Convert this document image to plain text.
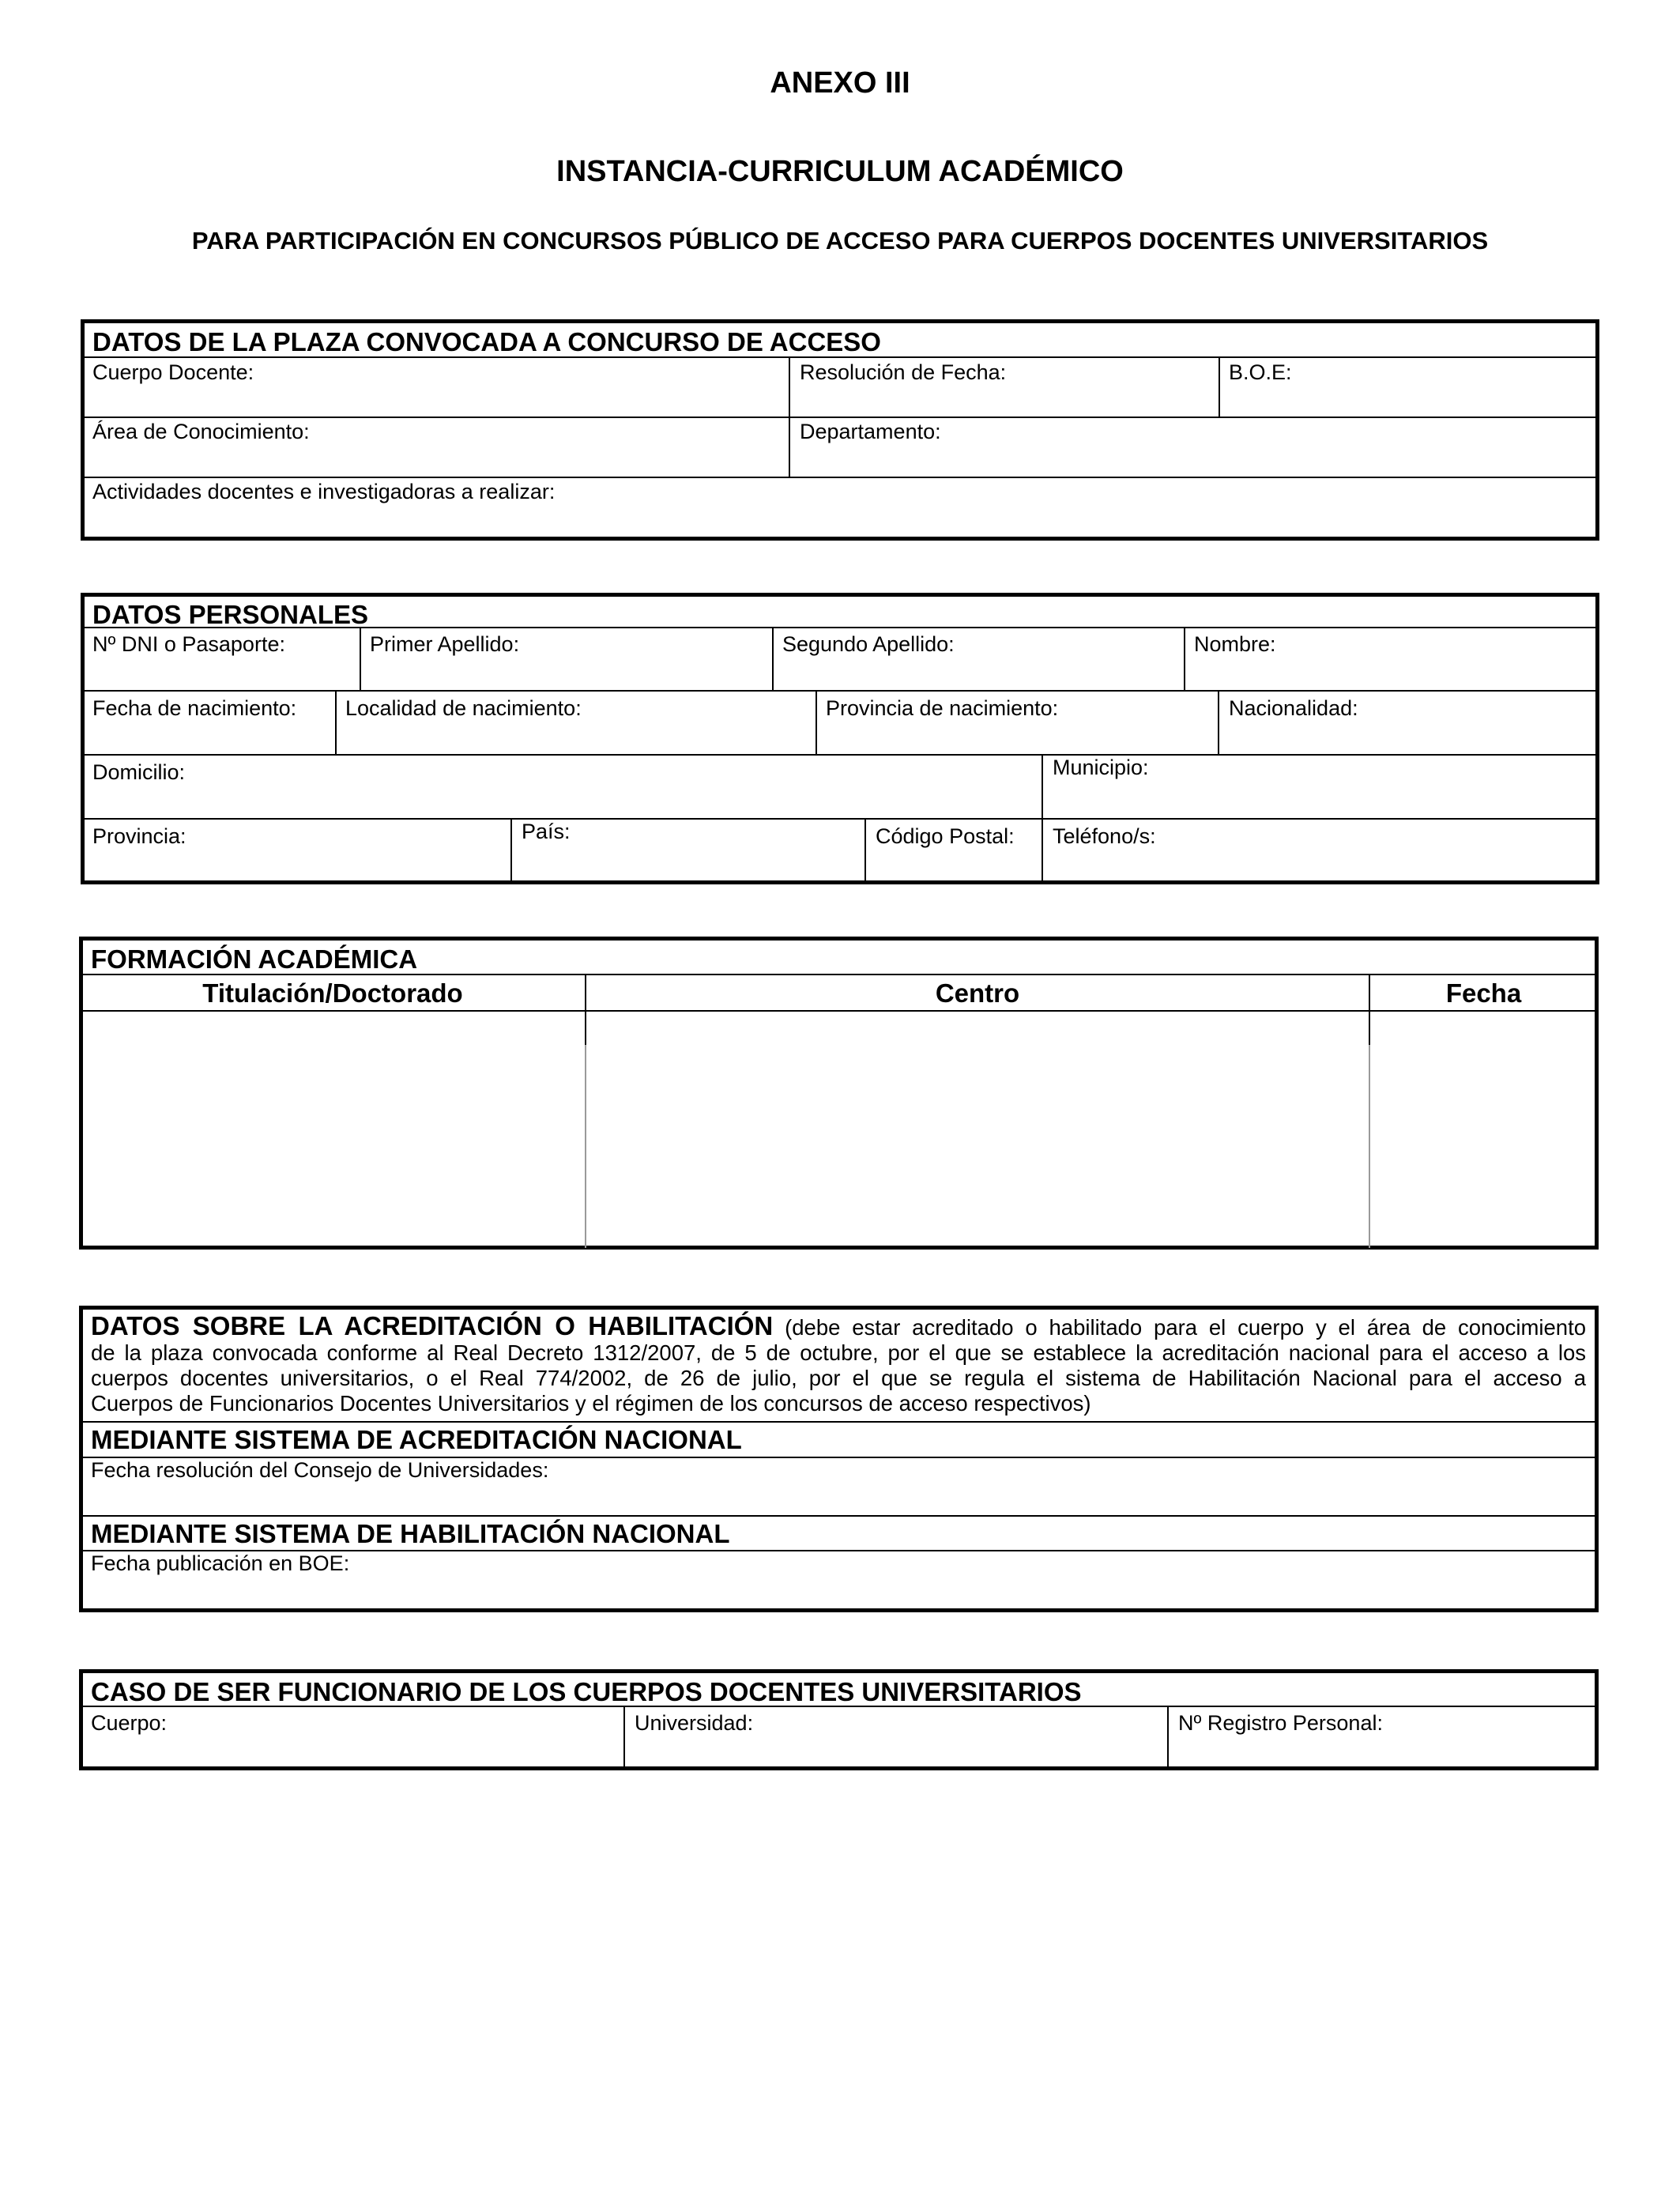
ANEXO III
INSTANCIA-CURRICULUM ACADÉMICO
PARA PARTICIPACIÓN EN CONCURSOS PÚBLICO DE ACCESO PARA CUERPOS DOCENTES UNIVERSITARIOS
DATOS DE LA PLAZA CONVOCADA A CONCURSO DE ACCESO
Cuerpo Docente:	Resolución de Fecha:	B.O.E:
Área de Conocimiento:	Departamento:
Actividades docentes e investigadoras a realizar:
DATOS PERSONALES
Nº DNI o Pasaporte:	Primer Apellido:	Segundo Apellido:	Nombre:
Fecha de nacimiento: Localidad de nacimiento:	Provincia de nacimiento:	Nacionalidad:
Domicilio:	Municipio:
Provincia:	País:	Código Postal: Teléfono/s:
FORMACIÓN ACADÉMICA
Titulación/Doctorado	Centro	Fecha
DATOS SOBRE LA ACREDITACIÓN O HABILITACIÓN (debe estar acreditado o habilitado para el cuerpo y el área de conocimiento
de la plaza convocada conforme al Real Decreto 1312/2007, de 5 de octubre, por el que se establece la acreditación nacional para el acceso a los
cuerpos docentes universitarios, o el Real 774/2002, de 26 de julio, por el que se regula el sistema de Habilitación Nacional para el acceso a
Cuerpos de Funcionarios Docentes Universitarios y el régimen de los concursos de acceso respectivos)
MEDIANTE SISTEMA DE ACREDITACIÓN NACIONAL
Fecha resolución del Consejo de Universidades:
MEDIANTE SISTEMA DE HABILITACIÓN NACIONAL
Fecha publicación en BOE:
CASO DE SER FUNCIONARIO DE LOS CUERPOS DOCENTES UNIVERSITARIOS
Cuerpo:	Universidad:	Nº Registro Personal:
